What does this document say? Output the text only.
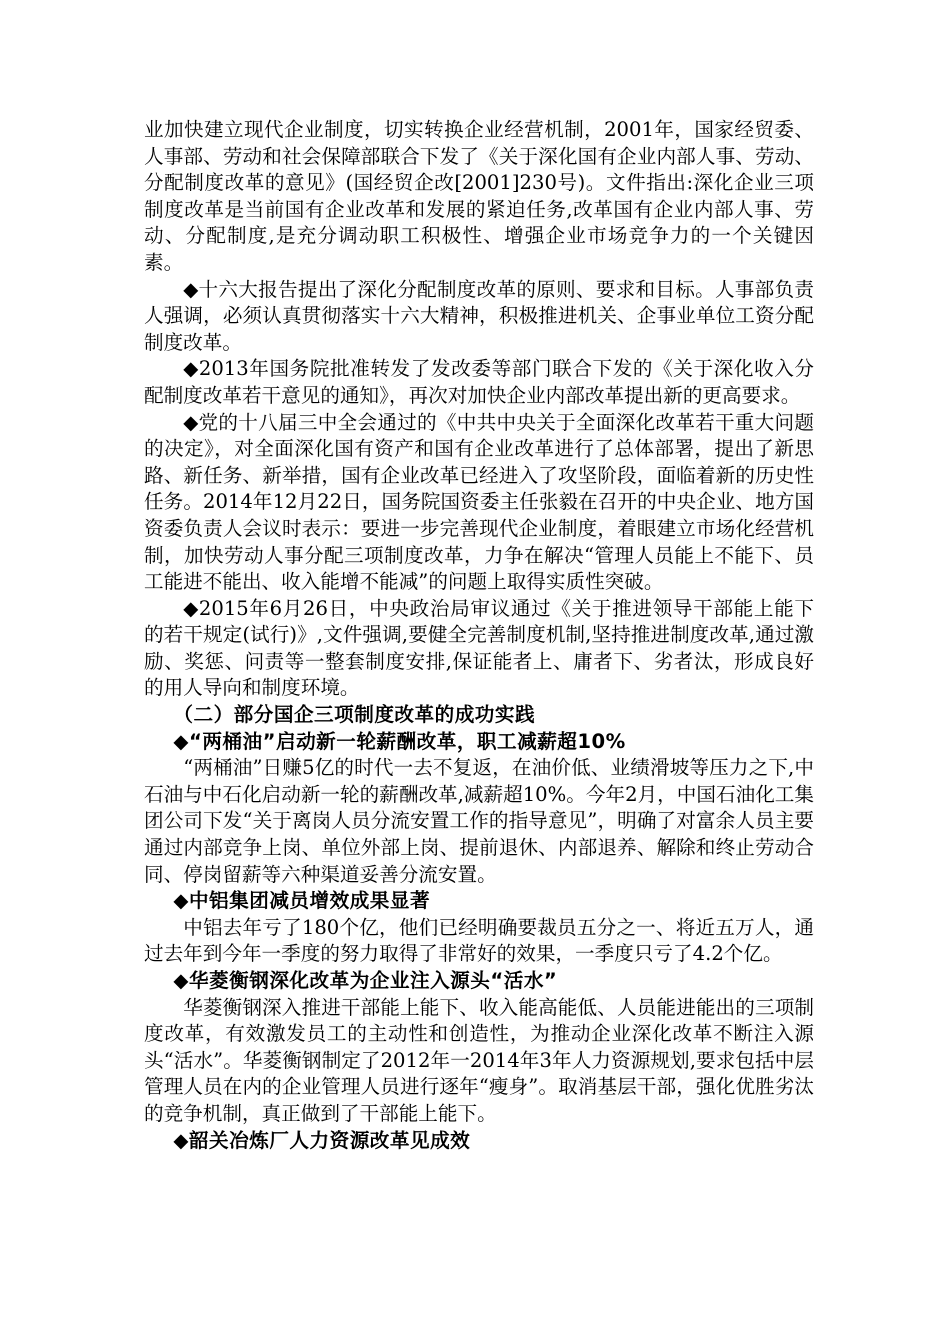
业加快建立现代企业制度，切实转换企业经营机制，2001年，国家经贸委、人事部、劳动和社会保障部联合下发了《关于深化国有企业内部人事、劳动、分配制度改革的意见》(国经贸企改[2001]230号)。文件指出:深化企业三项制度改革是当前国有企业改革和发展的紧迫任务,改革国有企业内部人事、劳动、分配制度,是充分调动职工积极性、增强企业市场竞争力的一个关键因素。

◆十六大报告提出了深化分配制度改革的原则、要求和目标。人事部负责人强调，必须认真贯彻落实十六大精神，积极推进机关、企事业单位工资分配制度改革。

◆2013年国务院批准转发了发改委等部门联合下发的《关于深化收入分配制度改革若干意见的通知》，再次对加快企业内部改革提出新的更高要求。

◆党的十八届三中全会通过的《中共中央关于全面深化改革若干重大问题的决定》，对全面深化国有资产和国有企业改革进行了总体部署，提出了新思路、新任务、新举措，国有企业改革已经进入了攻坚阶段，面临着新的历史性任务。2014年12月22日，国务院国资委主任张毅在召开的中央企业、地方国资委负责人会议时表示：要进一步完善现代企业制度，着眼建立市场化经营机制，加快劳动人事分配三项制度改革，力争在解决“管理人员能上不能下、员工能进不能出、收入能增不能减”的问题上取得实质性突破。

◆2015年6月26日，中央政治局审议通过《关于推进领导干部能上能下的若干规定(试行)》,文件强调,要健全完善制度机制,坚持推进制度改革,通过激励、奖惩、问责等一整套制度安排,保证能者上、庸者下、劣者汰，形成良好的用人导向和制度环境。

（二）部分国企三项制度改革的成功实践

◆“两桶油”启动新一轮薪酬改革，职工减薪超10%

“两桶油”日赚5亿的时代一去不复返，在油价低、业绩滑坡等压力之下,中石油与中石化启动新一轮的薪酬改革,减薪超10%。今年2月，中国石油化工集团公司下发“关于离岗人员分流安置工作的指导意见”，明确了对富余人员主要通过内部竞争上岗、单位外部上岗、提前退休、内部退养、解除和终止劳动合同、停岗留薪等六种渠道妥善分流安置。

◆中铝集团减员增效成果显著

中铝去年亏了180个亿，他们已经明确要裁员五分之一、将近五万人，通过去年到今年一季度的努力取得了非常好的效果，一季度只亏了4.2个亿。

◆华菱衡钢深化改革为企业注入源头“活水”

华菱衡钢深入推进干部能上能下、收入能高能低、人员能进能出的三项制度改革，有效激发员工的主动性和创造性，为推动企业深化改革不断注入源头“活水”。华菱衡钢制定了2012年一2014年3年人力资源规划,要求包括中层管理人员在内的企业管理人员进行逐年“瘦身”。取消基层干部，强化优胜劣汰的竞争机制，真正做到了干部能上能下。

◆韶关冶炼厂人力资源改革见成效
